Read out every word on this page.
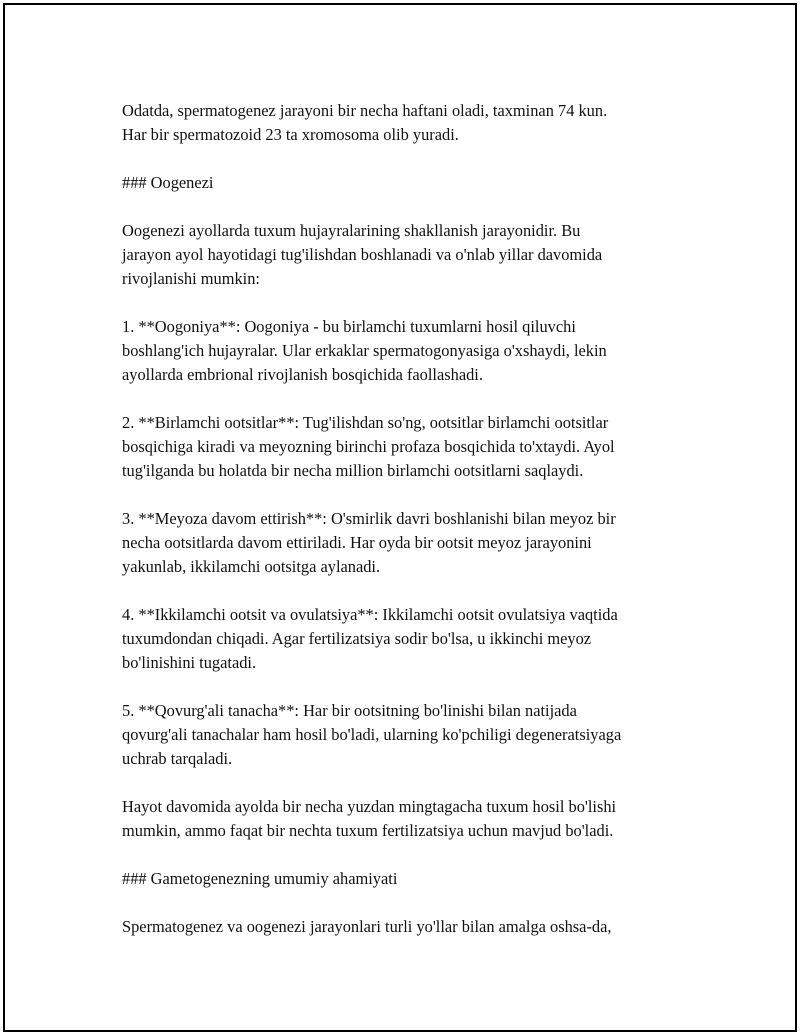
Odatda, spermatogenez jarayoni bir necha haftani oladi, taxminan 74 kun.
Har bir spermatozoid 23 ta xromosoma olib yuradi.

### Oogenezi

Oogenezi ayollarda tuxum hujayralarining shakllanish jarayonidir. Bu
jarayon ayol hayotidagi tug'ilishdan boshlanadi va o'nlab yillar davomida
rivojlanishi mumkin:

1. **Oogoniya**: Oogoniya - bu birlamchi tuxumlarni hosil qiluvchi
boshlang'ich hujayralar. Ular erkaklar spermatogonyasiga o'xshaydi, lekin
ayollarda embrional rivojlanish bosqichida faollashadi.

2. **Birlamchi ootsitlar**: Tug'ilishdan so'ng, ootsitlar birlamchi ootsitlar
bosqichiga kiradi va meyozning birinchi profaza bosqichida to'xtaydi. Ayol
tug'ilganda bu holatda bir necha million birlamchi ootsitlarni saqlaydi.

3. **Meyoza davom ettirish**: O'smirlik davri boshlanishi bilan meyoz bir
necha ootsitlarda davom ettiriladi. Har oyda bir ootsit meyoz jarayonini
yakunlab, ikkilamchi ootsitga aylanadi.

4. **Ikkilamchi ootsit va ovulatsiya**: Ikkilamchi ootsit ovulatsiya vaqtida
tuxumdondan chiqadi. Agar fertilizatsiya sodir bo'lsa, u ikkinchi meyoz
bo'linishini tugatadi.

5. **Qovurg'ali tanacha**: Har bir ootsitning bo'linishi bilan natijada
qovurg'ali tanachalar ham hosil bo'ladi, ularning ko'pchiligi degeneratsiyaga
uchrab tarqaladi.

Hayot davomida ayolda bir necha yuzdan mingtagacha tuxum hosil bo'lishi
mumkin, ammo faqat bir nechta tuxum fertilizatsiya uchun mavjud bo'ladi.

### Gametogenezning umumiy ahamiyati

Spermatogenez va oogenezi jarayonlari turli yo'llar bilan amalga oshsa-da,
